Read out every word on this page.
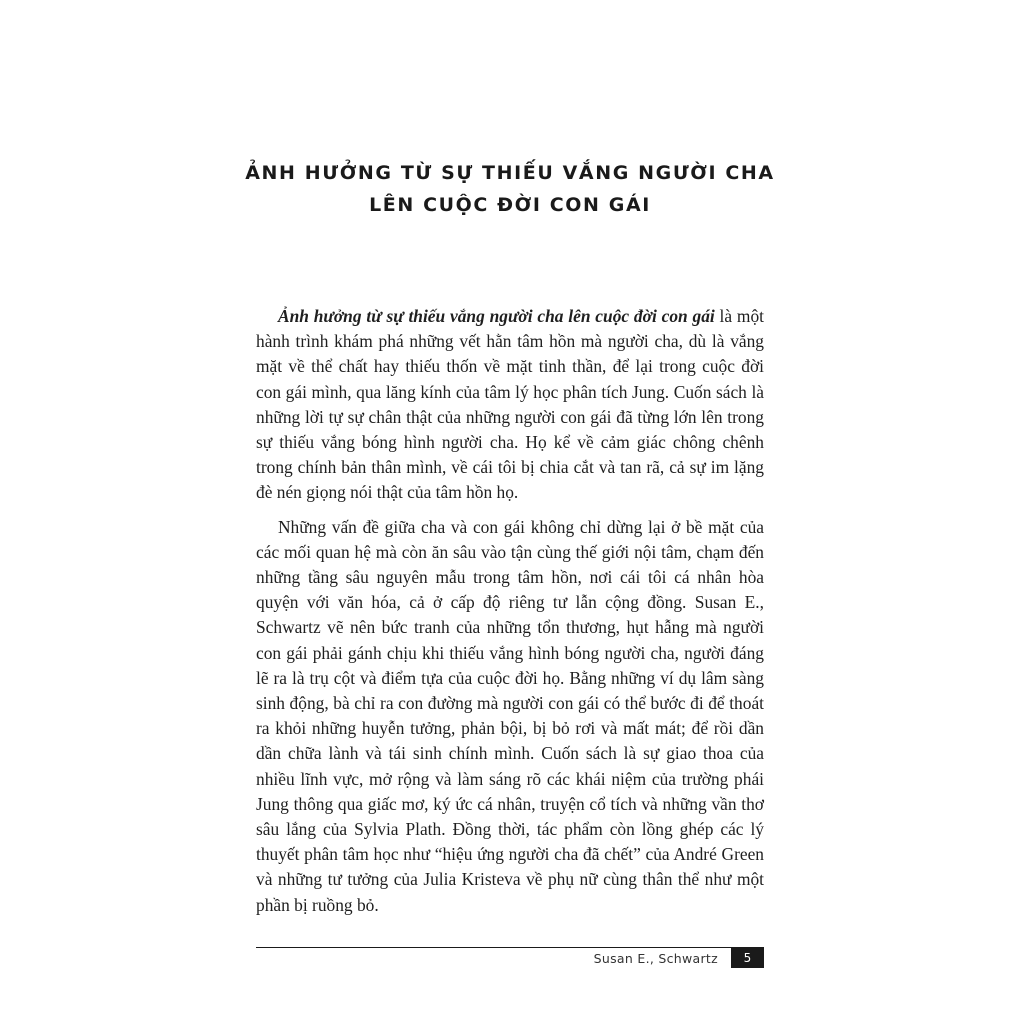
ẢNH HƯỞNG TỪ SỰ THIẾU VẮNG NGƯỜI CHA
LÊN CUỘC ĐỜI CON GÁI

Ảnh hưởng từ sự thiếu vắng người cha lên cuộc đời con gái là một hành trình khám phá những vết hằn tâm hồn mà người cha, dù là vắng mặt về thể chất hay thiếu thốn về mặt tinh thần, để lại trong cuộc đời con gái mình, qua lăng kính của tâm lý học phân tích Jung. Cuốn sách là những lời tự sự chân thật của những người con gái đã từng lớn lên trong sự thiếu vắng bóng hình người cha. Họ kể về cảm giác chông chênh trong chính bản thân mình, về cái tôi bị chia cắt và tan rã, cả sự im lặng đè nén giọng nói thật của tâm hồn họ.

Những vấn đề giữa cha và con gái không chỉ dừng lại ở bề mặt của các mối quan hệ mà còn ăn sâu vào tận cùng thế giới nội tâm, chạm đến những tầng sâu nguyên mẫu trong tâm hồn, nơi cái tôi cá nhân hòa quyện với văn hóa, cả ở cấp độ riêng tư lẫn cộng đồng. Susan E., Schwartz vẽ nên bức tranh của những tổn thương, hụt hẫng mà người con gái phải gánh chịu khi thiếu vắng hình bóng người cha, người đáng lẽ ra là trụ cột và điểm tựa của cuộc đời họ. Bằng những ví dụ lâm sàng sinh động, bà chỉ ra con đường mà người con gái có thể bước đi để thoát ra khỏi những huyễn tưởng, phản bội, bị bỏ rơi và mất mát; để rồi dần dần chữa lành và tái sinh chính mình. Cuốn sách là sự giao thoa của nhiều lĩnh vực, mở rộng và làm sáng rõ các khái niệm của trường phái Jung thông qua giấc mơ, ký ức cá nhân, truyện cổ tích và những vần thơ sâu lắng của Sylvia Plath. Đồng thời, tác phẩm còn lồng ghép các lý thuyết phân tâm học như “hiệu ứng người cha đã chết” của André Green và những tư tưởng của Julia Kristeva về phụ nữ cùng thân thể như một phần bị ruồng bỏ.

Susan E., Schwartz	5
